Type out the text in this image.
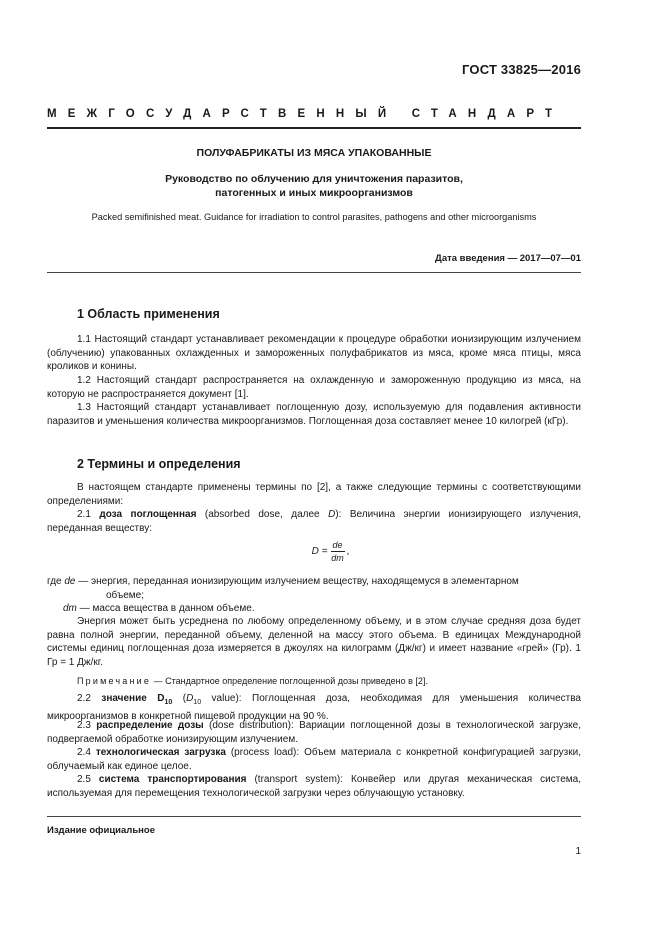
ГОСТ 33825—2016
МЕЖГОСУДАРСТВЕННЫЙ СТАНДАРТ
ПОЛУФАБРИКАТЫ ИЗ МЯСА УПАКОВАННЫЕ
Руководство по облучению для уничтожения паразитов,
патогенных и иных микроорганизмов
Packed semifinished meat. Guidance for irradiation to control parasites, pathogens and other microorganisms
Дата введения — 2017—07—01
1 Область применения

1.1 Настоящий стандарт устанавливает рекомендации к процедуре обработки ионизирующим излучением (облучению) упакованных охлажденных и замороженных полуфабрикатов из мяса, кроме мяса птицы, мяса кроликов и конины.

1.2 Настоящий стандарт распространяется на охлажденную и замороженную продукцию из мяса, на которую не распространяется документ [1].

1.3 Настоящий стандарт устанавливает поглощенную дозу, используемую для подавления активности паразитов и уменьшения количества микроорганизмов. Поглощенная доза составляет менее 10 килогрей (кГр).

2 Термины и определения

В настоящем стандарте применены термины по [2], а также следующие термины с соответствующими определениями:

2.1 доза поглощенная (absorbed dose, далее D): Величина энергии ионизирующего излучения, переданная веществу:

$D = \frac{de}{dm}$ ,
где de — энергия, переданная ионизирующим излучением веществу, находящемуся в элементарном
объеме;
dm — масса вещества в данном объеме.

Энергия может быть усреднена по любому определенному объему, и в этом случае средняя доза будет равна полной энергии, переданной объему, деленной на массу этого объема. В единицах Международной системы единиц поглощенная доза измеряется в джоулях на килограмм (Дж/кг) и имеет название «грей» (Гр). 1 Гр = 1 Дж/кг.

Примечание — Стандартное определение поглощенной дозы приведено в [2].

2.2 значение $D_{10}$ ($D_{10}$ value): Поглощенная доза, необходимая для уменьшения количества микроорганизмов в конкретной пищевой продукции на 90 %.

2.3 распределение дозы (dose distribution): Вариации поглощенной дозы в технологической загрузке, подвергаемой обработке ионизирующим излучением.

2.4 технологическая загрузка (process load): Объем материала с конкретной конфигурацией загрузки, облучаемый как единое целое.

2.5 система транспортирования (transport system): Конвейер или другая механическая система, используемая для перемещения технологической загрузки через облучающую установку.

Издание официальное
1
